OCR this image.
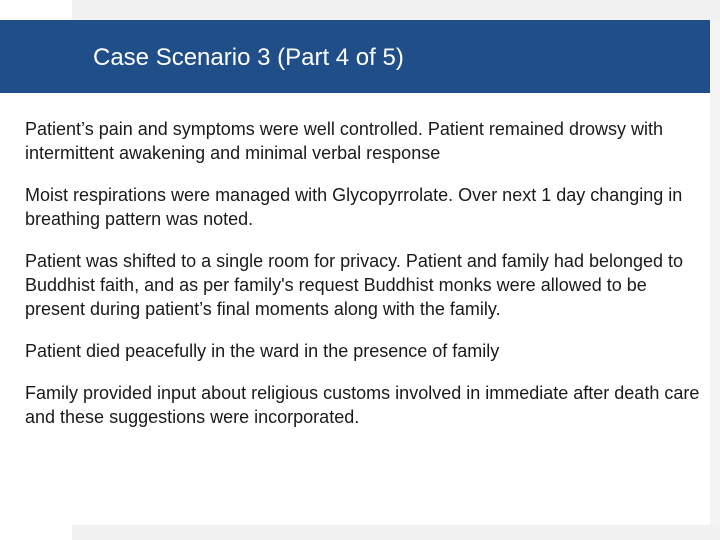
Case Scenario 3 (Part 4 of 5)

Patient’s pain and symptoms were well controlled. Patient remained drowsy with intermittent awakening and minimal verbal response

Moist respirations were managed with Glycopyrrolate. Over next 1 day changing in breathing pattern was noted.

Patient was shifted to a single room for privacy. Patient and family had belonged to Buddhist faith, and as per family's request Buddhist monks were allowed to be present during patient’s final moments along with the family.

Patient died peacefully in the ward in the presence of family

Family provided input about religious customs involved in immediate after death care and these suggestions were incorporated.
